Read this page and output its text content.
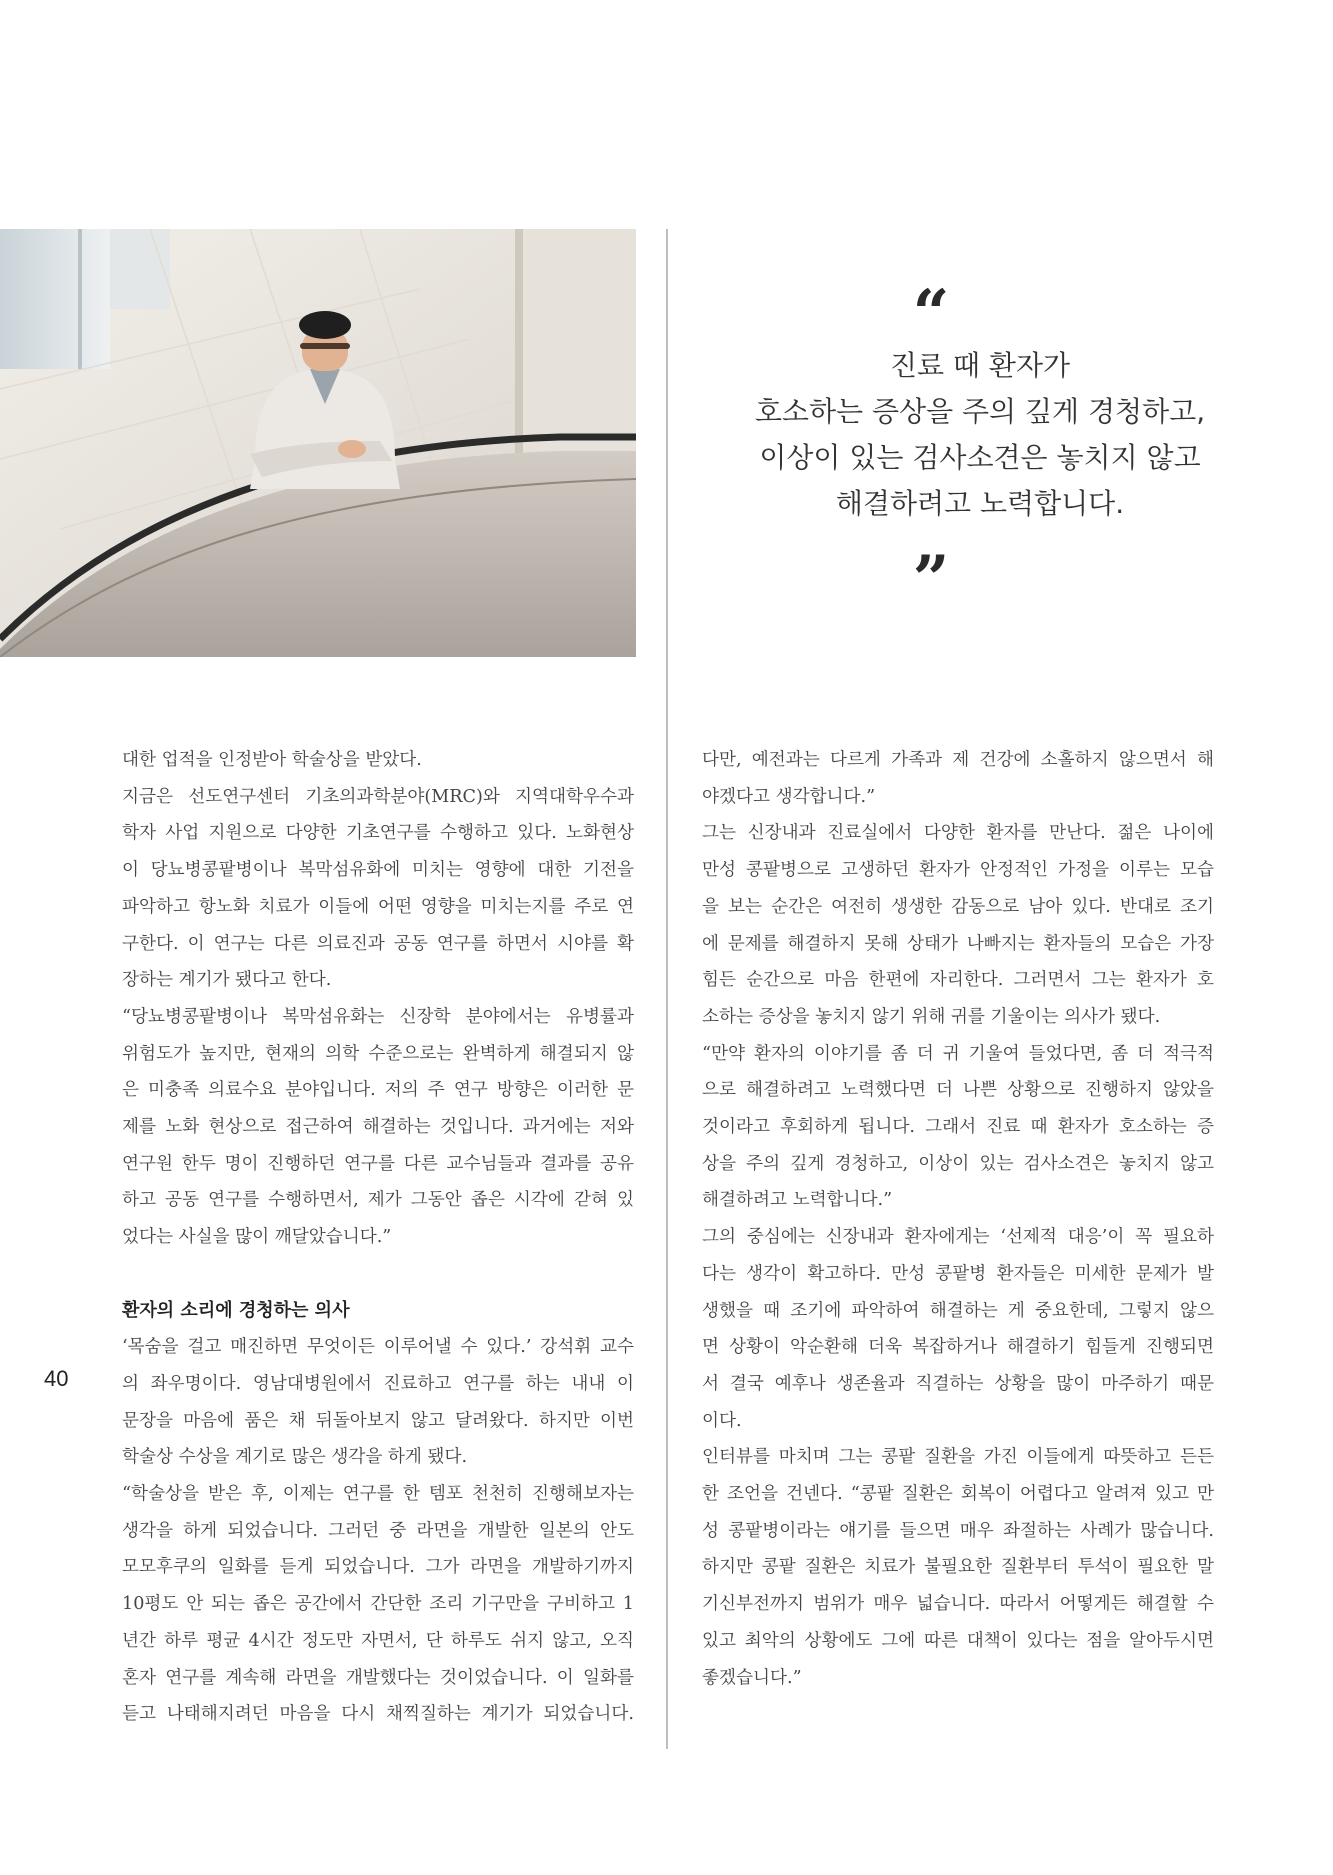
“
진료 때 환자가
호소하는 증상을 주의 깊게 경청하고,
이상이 있는 검사소견은 놓치지 않고
해결하려고 노력합니다.
”

대한 업적을 인정받아 학술상을 받았다.

지금은 선도연구센터 기초의과학분야(MRC)와 지역대학우수과

학자 사업 지원으로 다양한 기초연구를 수행하고 있다. 노화현상

이 당뇨병콩팥병이나 복막섬유화에 미치는 영향에 대한 기전을

파악하고 항노화 치료가 이들에 어떤 영향을 미치는지를 주로 연

구한다. 이 연구는 다른 의료진과 공동 연구를 하면서 시야를 확

장하는 계기가 됐다고 한다.

“당뇨병콩팥병이나 복막섬유화는 신장학 분야에서는 유병률과

위험도가 높지만, 현재의 의학 수준으로는 완벽하게 해결되지 않

은 미충족 의료수요 분야입니다. 저의 주 연구 방향은 이러한 문

제를 노화 현상으로 접근하여 해결하는 것입니다. 과거에는 저와

연구원 한두 명이 진행하던 연구를 다른 교수님들과 결과를 공유

하고 공동 연구를 수행하면서, 제가 그동안 좁은 시각에 갇혀 있

었다는 사실을 많이 깨달았습니다.”

환자의 소리에 경청하는 의사

‘목숨을 걸고 매진하면 무엇이든 이루어낼 수 있다.’ 강석휘 교수

의 좌우명이다. 영남대병원에서 진료하고 연구를 하는 내내 이

문장을 마음에 품은 채 뒤돌아보지 않고 달려왔다. 하지만 이번

학술상 수상을 계기로 많은 생각을 하게 됐다.

“학술상을 받은 후, 이제는 연구를 한 템포 천천히 진행해보자는

생각을 하게 되었습니다. 그러던 중 라면을 개발한 일본의 안도

모모후쿠의 일화를 듣게 되었습니다. 그가 라면을 개발하기까지

10평도 안 되는 좁은 공간에서 간단한 조리 기구만을 구비하고 1

년간 하루 평균 4시간 정도만 자면서, 단 하루도 쉬지 않고, 오직

혼자 연구를 계속해 라면을 개발했다는 것이었습니다. 이 일화를

듣고 나태해지려던 마음을 다시 채찍질하는 계기가 되었습니다.

다만, 예전과는 다르게 가족과 제 건강에 소홀하지 않으면서 해

야겠다고 생각합니다.”

그는 신장내과 진료실에서 다양한 환자를 만난다. 젊은 나이에

만성 콩팥병으로 고생하던 환자가 안정적인 가정을 이루는 모습

을 보는 순간은 여전히 생생한 감동으로 남아 있다. 반대로 조기

에 문제를 해결하지 못해 상태가 나빠지는 환자들의 모습은 가장

힘든 순간으로 마음 한편에 자리한다. 그러면서 그는 환자가 호

소하는 증상을 놓치지 않기 위해 귀를 기울이는 의사가 됐다.

“만약 환자의 이야기를 좀 더 귀 기울여 들었다면, 좀 더 적극적

으로 해결하려고 노력했다면 더 나쁜 상황으로 진행하지 않았을

것이라고 후회하게 됩니다. 그래서 진료 때 환자가 호소하는 증

상을 주의 깊게 경청하고, 이상이 있는 검사소견은 놓치지 않고

해결하려고 노력합니다.”

그의 중심에는 신장내과 환자에게는 ‘선제적 대응’이 꼭 필요하

다는 생각이 확고하다. 만성 콩팥병 환자들은 미세한 문제가 발

생했을 때 조기에 파악하여 해결하는 게 중요한데, 그렇지 않으

면 상황이 악순환해 더욱 복잡하거나 해결하기 힘들게 진행되면

서 결국 예후나 생존율과 직결하는 상황을 많이 마주하기 때문

이다.

인터뷰를 마치며 그는 콩팥 질환을 가진 이들에게 따뜻하고 든든

한 조언을 건넨다. “콩팥 질환은 회복이 어렵다고 알려져 있고 만

성 콩팥병이라는 얘기를 들으면 매우 좌절하는 사례가 많습니다.

하지만 콩팥 질환은 치료가 불필요한 질환부터 투석이 필요한 말

기신부전까지 범위가 매우 넓습니다. 따라서 어떻게든 해결할 수

있고 최악의 상황에도 그에 따른 대책이 있다는 점을 알아두시면

좋겠습니다.”

40
